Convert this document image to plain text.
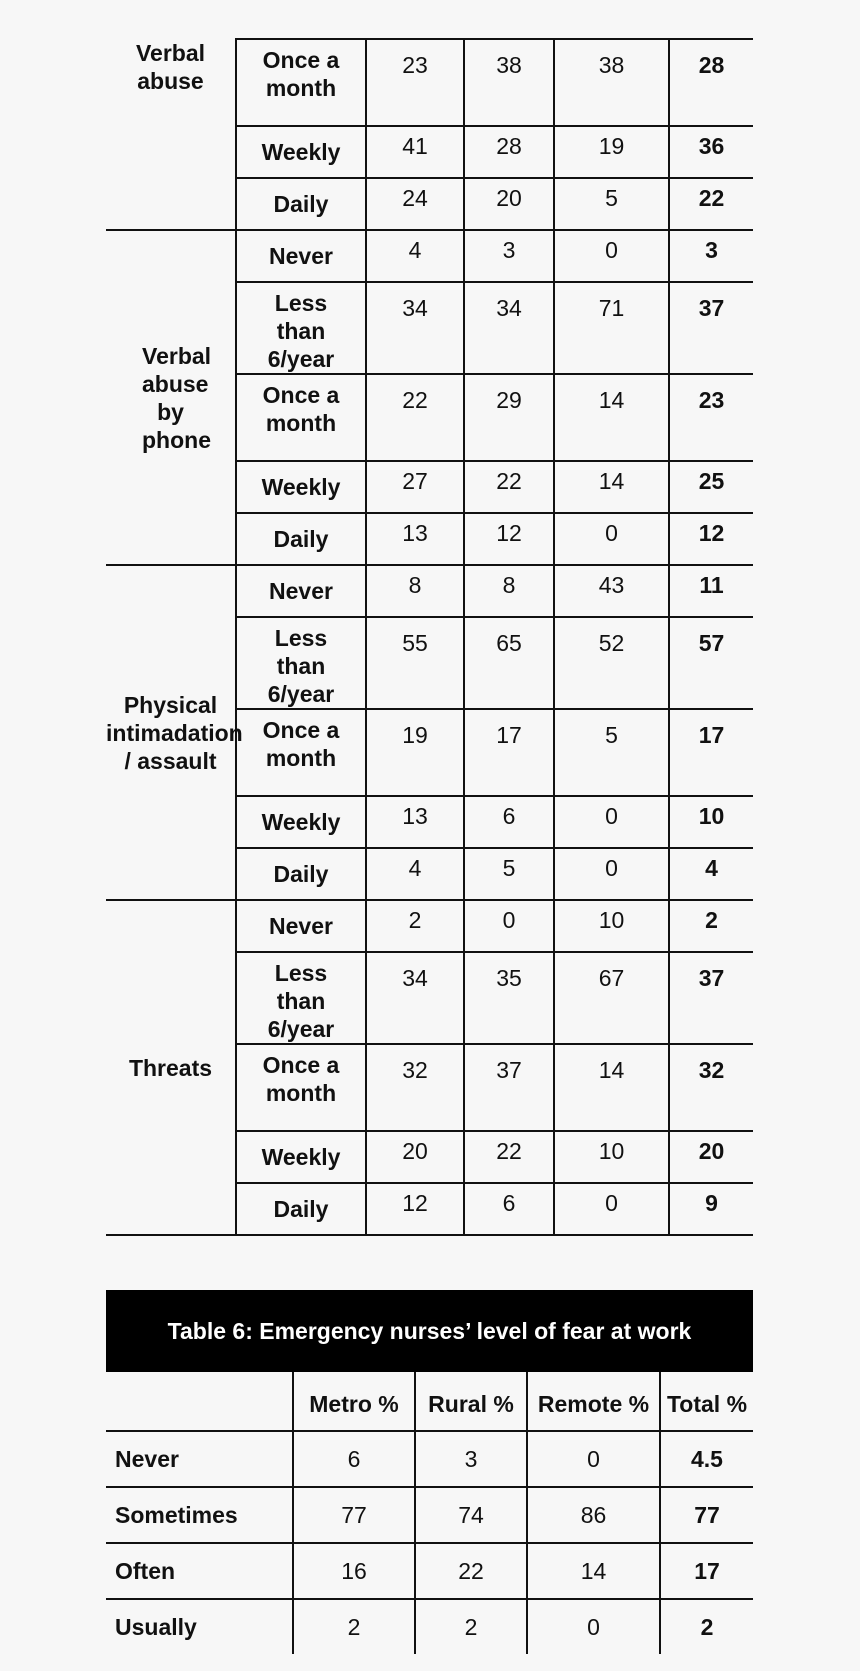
Verbal abuse	Once a month	23	38	38	28
	Weekly	41	28	19	36
	Daily	24	20	5	22
Verbal abuse by phone	Never	4	3	0	3
	Less than 6/year	34	34	71	37
	Once a month	22	29	14	23
	Weekly	27	22	14	25
	Daily	13	12	0	12
Physical intimadation / assault	Never	8	8	43	11
	Less than 6/year	55	65	52	57
	Once a month	19	17	5	17
	Weekly	13	6	0	10
	Daily	4	5	0	4
Threats	Never	2	0	10	2
	Less than 6/year	34	35	67	37
	Once a month	32	37	14	32
	Weekly	20	22	10	20
	Daily	12	6	0	9
Table 6: Emergency nurses’ level of fear at work
	Metro %	Rural %	Remote %	Total %
Never	6	3	0	4.5
Sometimes	77	74	86	77
Often	16	22	14	17
Usually	2	2	0	2
